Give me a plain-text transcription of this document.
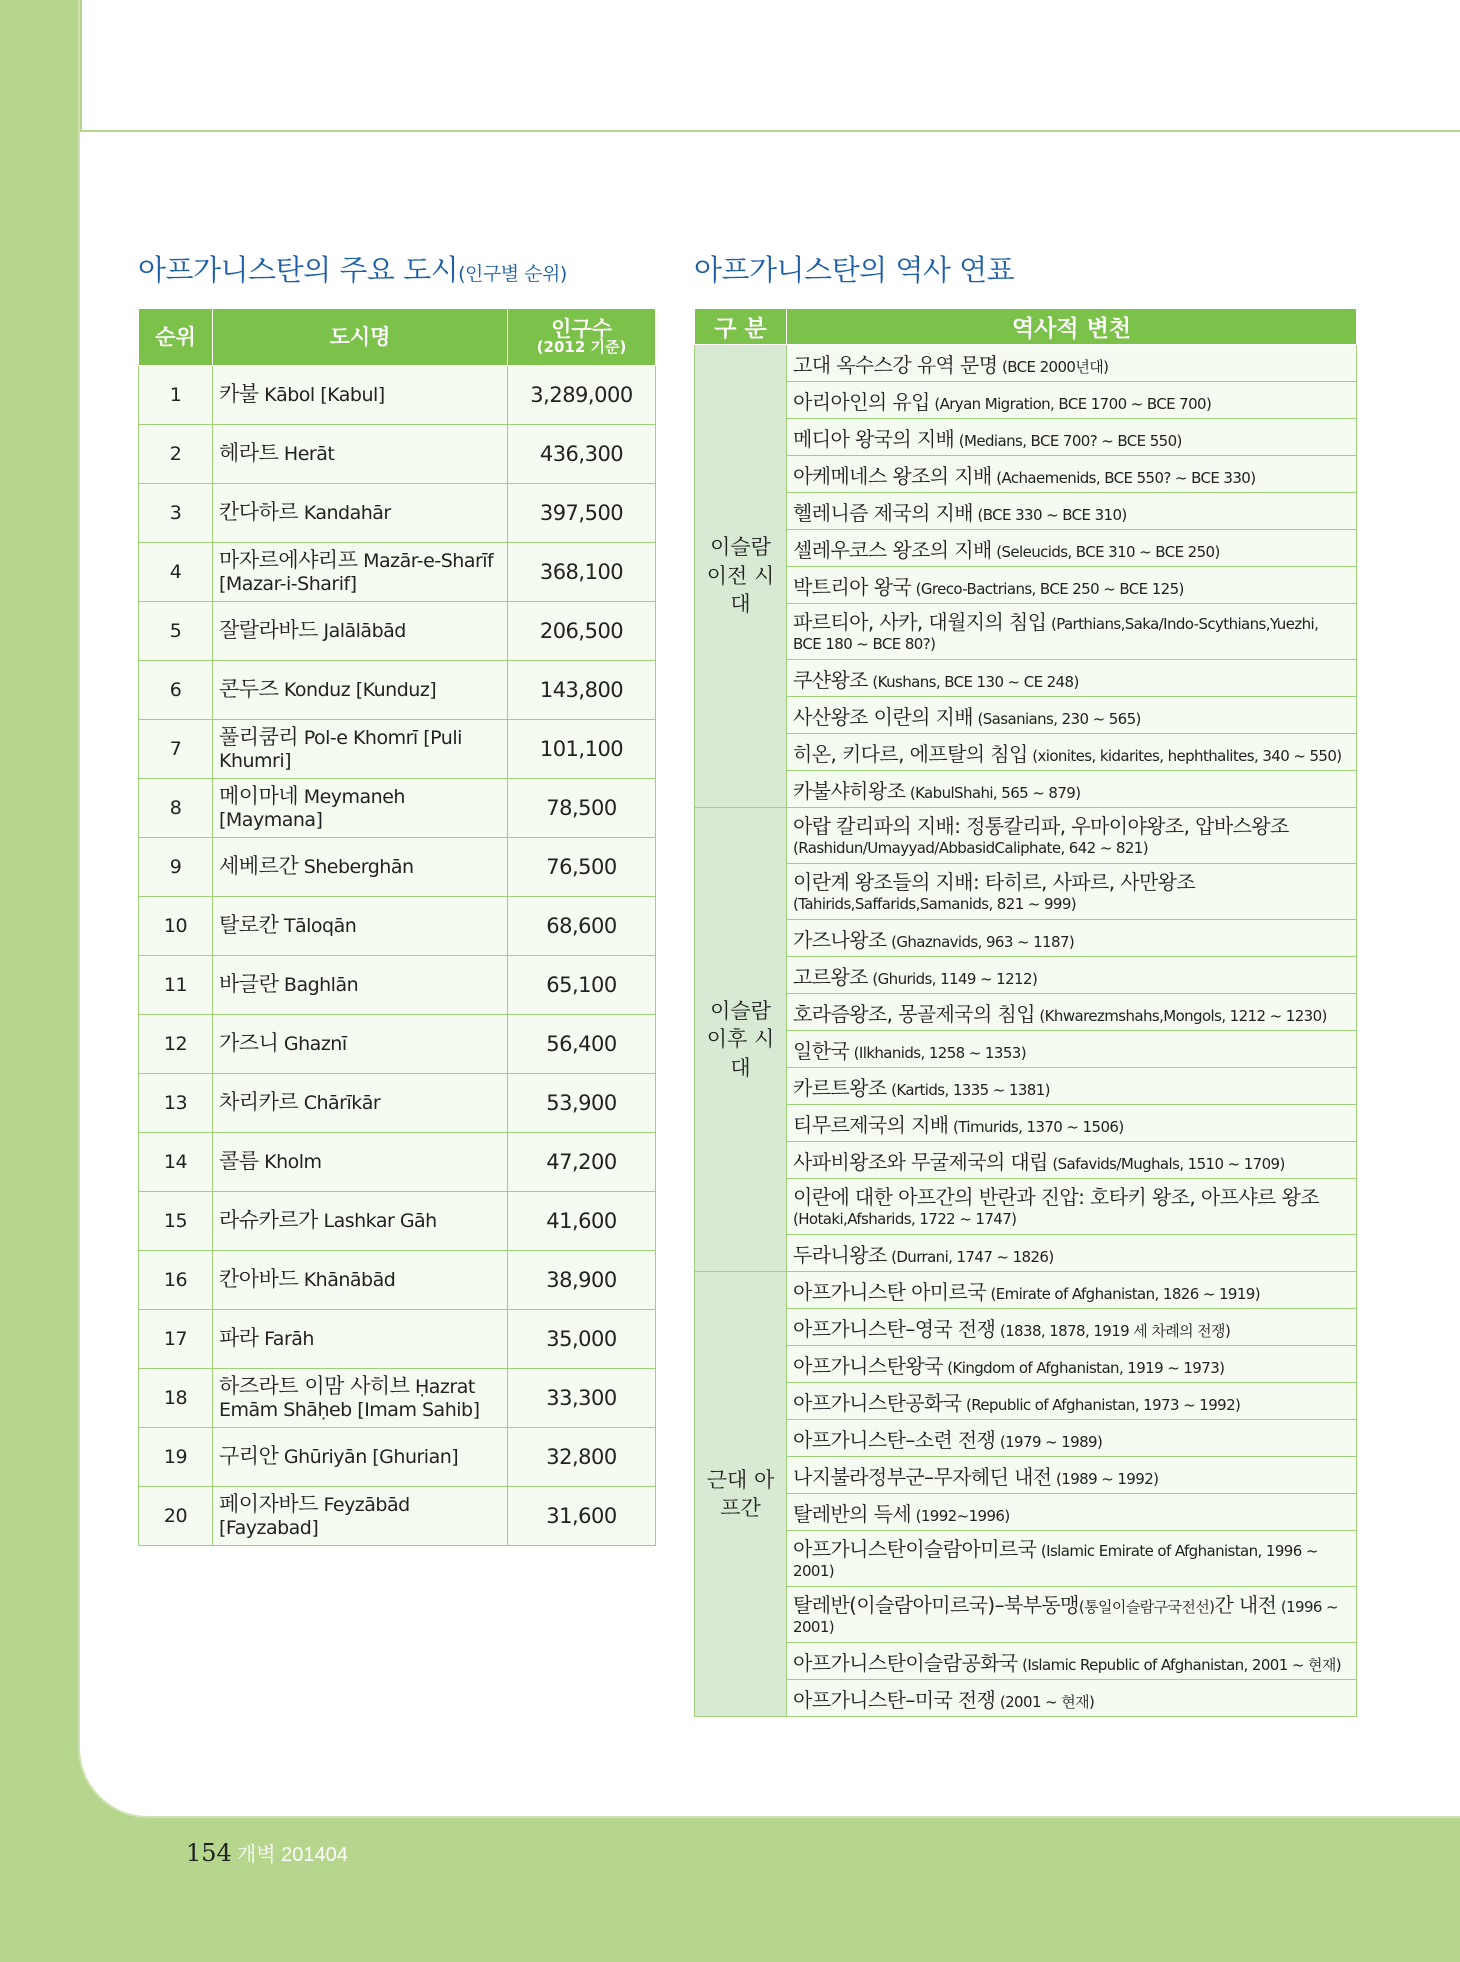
아프가니스탄의 주요 도시(인구별 순위)	아프가니스탄의 역사 연표
순위	도시명	인구수
(2012 기준)

1	카불 Kābol [Kabul]	3,289,000
2	헤라트 Herāt	436,300
3	칸다하르 Kandahār	397,500
4	마자르에샤리프 Mazār-e-Sharīf [Mazar-i-Sharif]	368,100
5	잘랄라바드 Jalālābād	206,500
6	콘두즈 Konduz [Kunduz]	143,800
7	풀리쿰리 Pol-e Khomrī [Puli Khumri]	101,100
8	메이마네 Meymaneh [Maymana]	78,500
9	세베르간 Sheberghān	76,500
10	탈로칸 Tāloqān	68,600
11	바글란 Baghlān	65,100
12	가즈니 Ghaznī	56,400
13	차리카르 Chārīkār	53,900
14	콜름 Kholm	47,200
15	라슈카르가 Lashkar Gāh	41,600
16	칸아바드 Khānābād	38,900
17	파라 Farāh	35,000
18	하즈라트 이맘 사히브 Ḥazrat Emām Shāḥeb [Imam Sahib]	33,300
19	구리안 Ghūriyān [Ghurian]	32,800
20	페이자바드 Feyzābād [Fayzabad]	31,600
구 분	역사적 변천
이슬람 이전 시대	고대 옥수스강 유역 문명 (BCE 2000년대)
	아리아인의 유입 (Aryan Migration, BCE 1700 ~ BCE 700)
	메디아 왕국의 지배 (Medians, BCE 700? ~ BCE 550)
	아케메네스 왕조의 지배 (Achaemenids, BCE 550? ~ BCE 330)
	헬레니즘 제국의 지배 (BCE 330 ~ BCE 310)
	셀레우코스 왕조의 지배 (Seleucids, BCE 310 ~ BCE 250)
	박트리아 왕국 (Greco-Bactrians, BCE 250 ~ BCE 125)
	파르티아, 사카, 대월지의 침입 (Parthians,Saka/Indo-Scythians,Yuezhi, BCE 180 ~ BCE 80?)
	쿠샨왕조 (Kushans, BCE 130 ~ CE 248)
	사산왕조 이란의 지배 (Sasanians, 230 ~ 565)
	히온, 키다르, 에프탈의 침입 (xionites, kidarites, hephthalites, 340 ~ 550)
	카불샤히왕조 (KabulShahi, 565 ~ 879)
이슬람 이후 시대	아랍 칼리파의 지배: 정통칼리파, 우마이야왕조, 압바스왕조 (Rashidun/Umayyad/AbbasidCaliphate, 642 ~ 821)
	이란계 왕조들의 지배: 타히르, 사파르, 사만왕조 (Tahirids,Saffarids,Samanids, 821 ~ 999)
	가즈나왕조 (Ghaznavids, 963 ~ 1187)
	고르왕조 (Ghurids, 1149 ~ 1212)
	호라즘왕조, 몽골제국의 침입 (Khwarezmshahs,Mongols, 1212 ~ 1230)
	일한국 (Ilkhanids, 1258 ~ 1353)
	카르트왕조 (Kartids, 1335 ~ 1381)
	티무르제국의 지배 (Timurids, 1370 ~ 1506)
	사파비왕조와 무굴제국의 대립 (Safavids/Mughals, 1510 ~ 1709)
	이란에 대한 아프간의 반란과 진압: 호타키 왕조, 아프샤르 왕조 (Hotaki,Afsharids, 1722 ~ 1747)
	두라니왕조 (Durrani, 1747 ~ 1826)
근대 아프간	아프가니스탄 아미르국 (Emirate of Afghanistan, 1826 ~ 1919)
	아프가니스탄–영국 전쟁 (1838, 1878, 1919 세 차례의 전쟁)
	아프가니스탄왕국 (Kingdom of Afghanistan, 1919 ~ 1973)
	아프가니스탄공화국 (Republic of Afghanistan, 1973 ~ 1992)
	아프가니스탄–소련 전쟁 (1979 ~ 1989)
	나지불라정부군–무자헤딘 내전 (1989 ~ 1992)
	탈레반의 득세 (1992~1996)
	아프가니스탄이슬람아미르국 (Islamic Emirate of Afghanistan, 1996 ~ 2001)
	탈레반(이슬람아미르국)–북부동맹(통일이슬람구국전선)간 내전 (1996 ~ 2001)
	아프가니스탄이슬람공화국 (Islamic Republic of Afghanistan, 2001 ~ 현재)
	아프가니스탄–미국 전쟁 (2001 ~ 현재)
154 개벽 201404
